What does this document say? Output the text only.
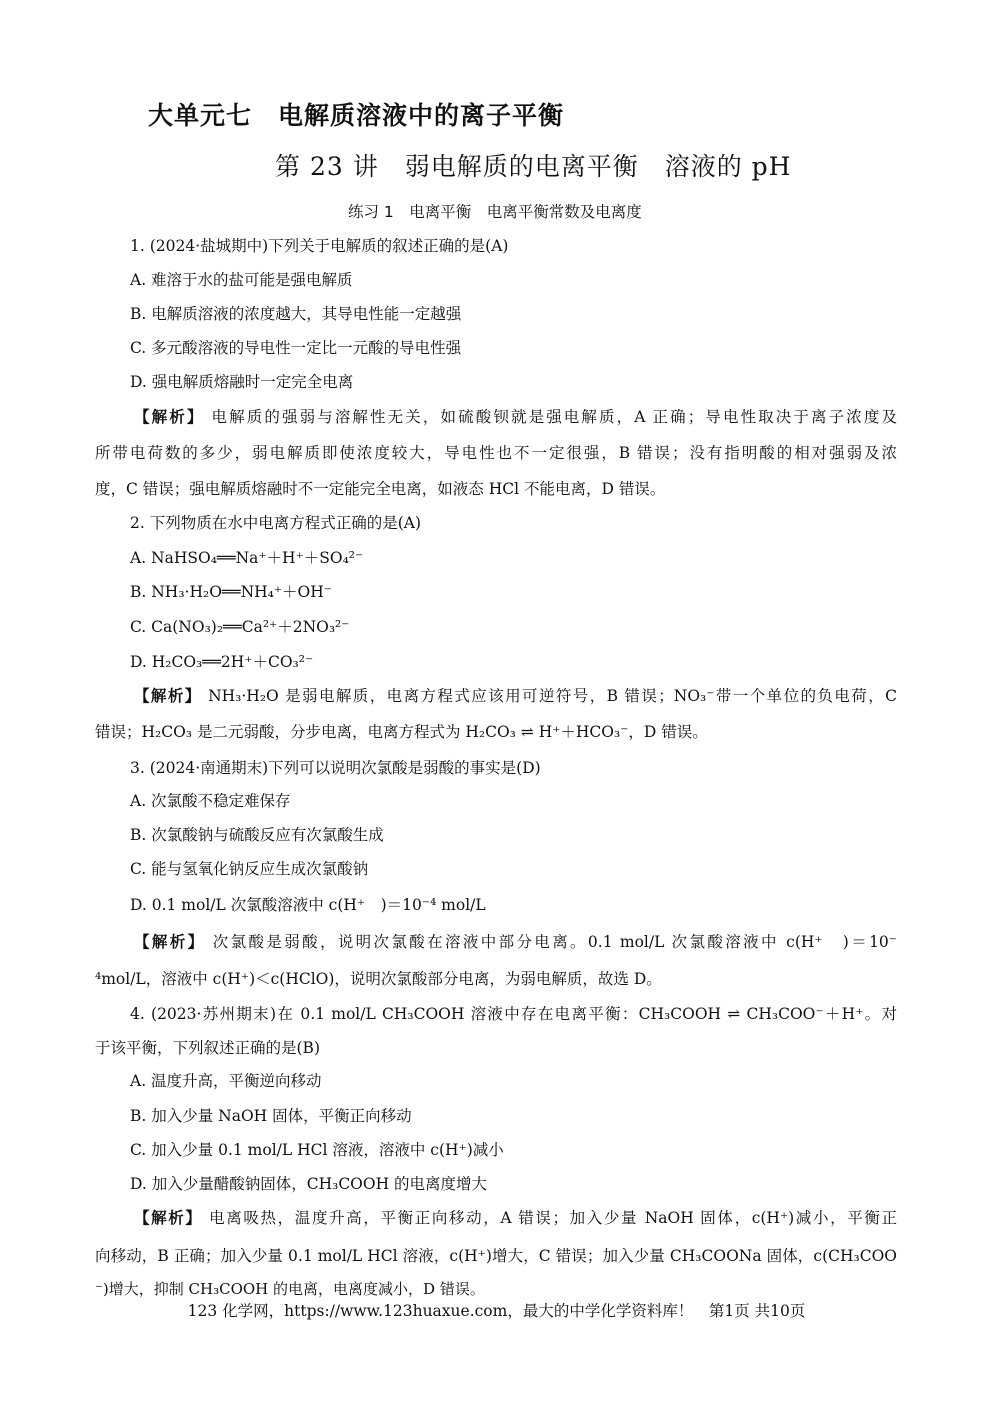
大单元七　电解质溶液中的离子平衡
第 23 讲　弱电解质的电离平衡　溶液的 pH
练习 1　电离平衡　电离平衡常数及电离度
1. (2024·盐城期中)下列关于电解质的叙述正确的是(A)
A. 难溶于水的盐可能是强电解质
B. 电解质溶液的浓度越大，其导电性能一定越强
C. 多元酸溶液的导电性一定比一元酸的导电性强
D. 强电解质熔融时一定完全电离
【解析】 电解质的强弱与溶解性无关，如硫酸钡就是强电解质，A 正确；导电性取决于离子浓度及
所带电荷数的多少，弱电解质即使浓度较大，导电性也不一定很强，B 错误；没有指明酸的相对强弱及浓
度，C 错误；强电解质熔融时不一定能完全电离，如液态 HCl 不能电离，D 错误。
2. 下列物质在水中电离方程式正确的是(A)
A. NaHSO₄══Na⁺＋H⁺＋SO₄²⁻
B. NH₃·H₂O══NH₄⁺＋OH⁻
C. Ca(NO₃)₂══Ca²⁺＋2NO₃²⁻
D. H₂CO₃══2H⁺＋CO₃²⁻
【解析】 NH₃·H₂O 是弱电解质，电离方程式应该用可逆符号，B 错误；NO₃⁻带一个单位的负电荷，C
错误；H₂CO₃ 是二元弱酸，分步电离，电离方程式为 H₂CO₃ ⇌ H⁺＋HCO₃⁻，D 错误。
3. (2024·南通期末)下列可以说明次氯酸是弱酸的事实是(D)
A. 次氯酸不稳定难保存
B. 次氯酸钠与硫酸反应有次氯酸生成
C. 能与氢氧化钠反应生成次氯酸钠
D. 0.1 mol/L 次氯酸溶液中 c(H⁺　)＝10⁻⁴ mol/L
【解析】 次氯酸是弱酸，说明次氯酸在溶液中部分电离。0.1 mol/L 次氯酸溶液中 c(H⁺　)＝10⁻
⁴mol/L，溶液中 c(H⁺)＜c(HClO)，说明次氯酸部分电离，为弱电解质，故选 D。
4. (2023·苏州期末)在 0.1 mol/L CH₃COOH 溶液中存在电离平衡：CH₃COOH ⇌ CH₃COO⁻＋H⁺。对
于该平衡，下列叙述正确的是(B)
A. 温度升高，平衡逆向移动
B. 加入少量 NaOH 固体，平衡正向移动
C. 加入少量 0.1 mol/L HCl 溶液，溶液中 c(H⁺)减小
D. 加入少量醋酸钠固体，CH₃COOH 的电离度增大
【解析】 电离吸热，温度升高，平衡正向移动，A 错误；加入少量 NaOH 固体，c(H⁺)减小，平衡正
向移动，B 正确；加入少量 0.1 mol/L HCl 溶液，c(H⁺)增大，C 错误；加入少量 CH₃COONa 固体，c(CH₃COO
⁻)增大，抑制 CH₃COOH 的电离，电离度减小，D 错误。
123 化学网，https://www.123huaxue.com，最大的中学化学资料库！　第1页 共10页
